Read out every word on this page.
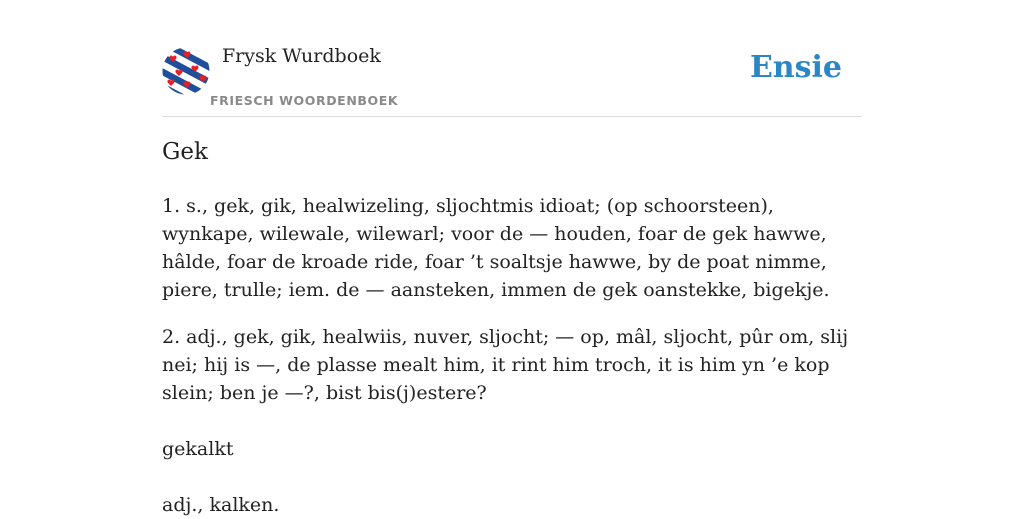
Frysk Wurdboek
FRIESCH WOORDENBOEK
Ensie
Gek

1. s., gek, gik, healwizeling, sljochtmis idioat; (op schoorsteen), wynkape, wilewale, wilewarl; voor de — houden, foar de gek hawwe, hâlde, foar de kroade ride, foar ’t soaltsje hawwe, by de poat nimme, piere, trulle; iem. de — aansteken, immen de gek oanstekke, bigekje.

2. adj., gek, gik, healwiis, nuver, sljocht; — op, mâl, sljocht, pûr om, slij nei; hij is —, de plasse mealt him, it rint him troch, it is him yn ’e kop slein; ben je —?, bist bis(j)estere?

gekalkt

adj., kalken.
